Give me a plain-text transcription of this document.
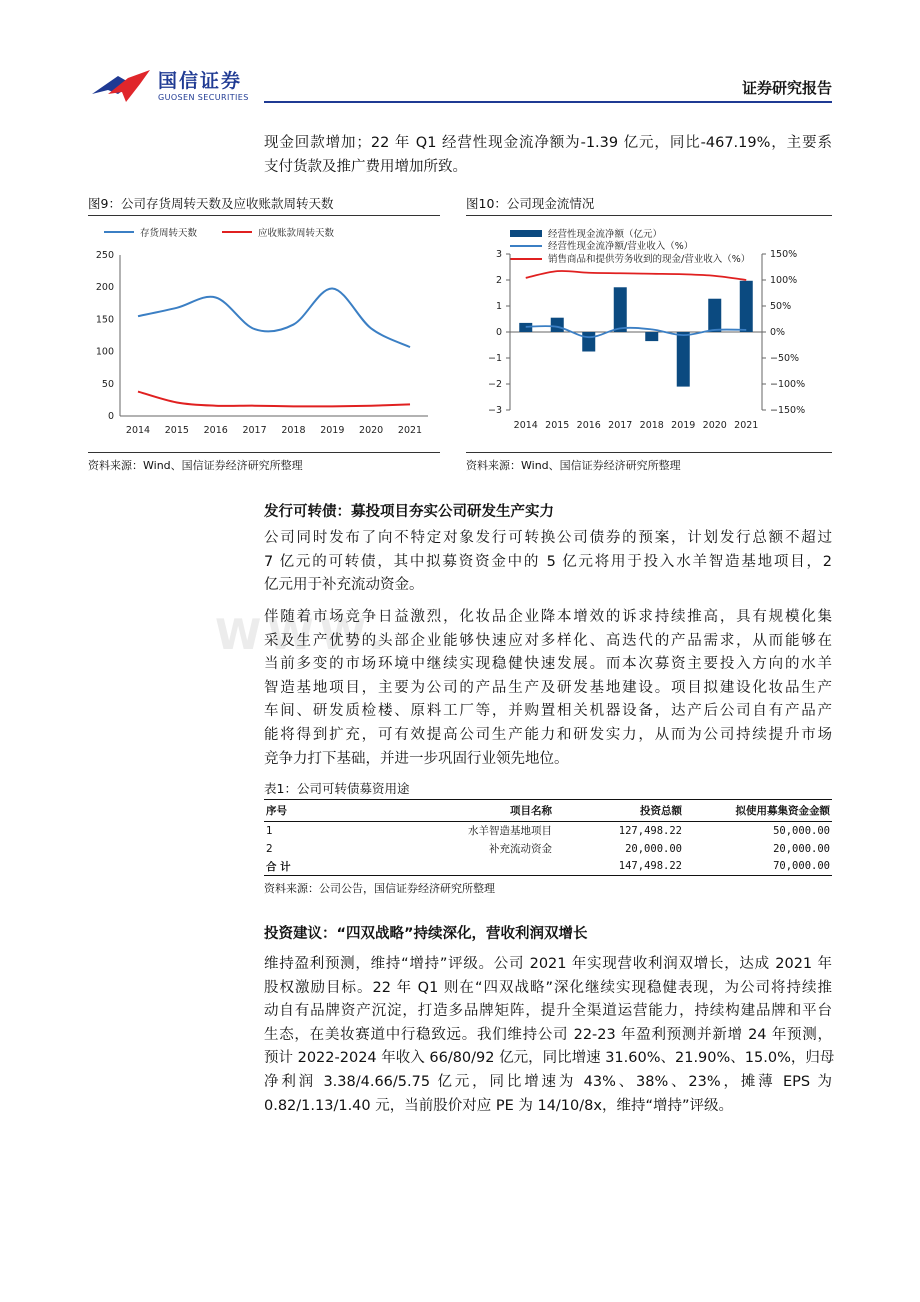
国信证券
GUOSEN SECURITIES
证券研究报告
现金回款增加；22 年 Q1 经营性现金流净额为-1.39 亿元，同比-467.19%，主要系
支付货款及推广费用增加所致。
图9：公司存货周转天数及应收账款周转天数
存货周转天数	应收账款周转天数
0
50
100
150
200
250
2014 2015 2016 2017 2018 2019 2020 2021
资料来源：Wind、国信证券经济研究所整理
图10：公司现金流情况
经营性现金流净额（亿元）
经营性现金流净额/营业收入（%）
销售商品和提供劳务收到的现金/营业收入（%）
−3
−2
−1
0
1
2
3
−150%
−100%
−50%
0%
50%
100%
150%
2014 2015 2016 2017 2018 2019 2020 2021
资料来源：Wind、国信证券经济研究所整理
发行可转债：募投项目夯实公司研发生产实力
公司同时发布了向不特定对象发行可转换公司债券的预案，计划发行总额不超过
7 亿元的可转债，其中拟募资资金中的 5 亿元将用于投入水羊智造基地项目，2
亿元用于补充流动资金。
WWW.
伴随着市场竞争日益激烈，化妆品企业降本增效的诉求持续推高，具有规模化集
采及生产优势的头部企业能够快速应对多样化、高迭代的产品需求，从而能够在
当前多变的市场环境中继续实现稳健快速发展。而本次募资主要投入方向的水羊
智造基地项目，主要为公司的产品生产及研发基地建设。项目拟建设化妆品生产
车间、研发质检楼、原料工厂等，并购置相关机器设备，达产后公司自有产品产
能将得到扩充，可有效提高公司生产能力和研发实力，从而为公司持续提升市场
竞争力打下基础，并进一步巩固行业领先地位。
表1：公司可转债募资用途
序号	项目名称	投资总额	拟使用募集资金金额
1	水羊智造基地项目	127,498.22	50,000.00
2	补充流动资金	20,000.00	20,000.00
合 计		147,498.22	70,000.00
资料来源：公司公告，国信证券经济研究所整理
投资建议：“四双战略”持续深化，营收利润双增长
维持盈利预测，维持“增持”评级。公司 2021 年实现营收利润双增长，达成 2021 年
股权激励目标。22 年 Q1 则在“四双战略”深化继续实现稳健表现，为公司将持续推
动自有品牌资产沉淀，打造多品牌矩阵，提升全渠道运营能力，持续构建品牌和平台
生态，在美妆赛道中行稳致远。我们维持公司 22-23 年盈利预测并新增 24 年预测，
预计 2022-2024 年收入 66/80/92 亿元，同比增速 31.60%、21.90%、15.0%，归母
净利润 3.38/4.66/5.75 亿元，同比增速为 43%、38%、23%，摊薄 EPS 为
0.82/1.13/1.40 元，当前股价对应 PE 为 14/10/8x，维持“增持”评级。
